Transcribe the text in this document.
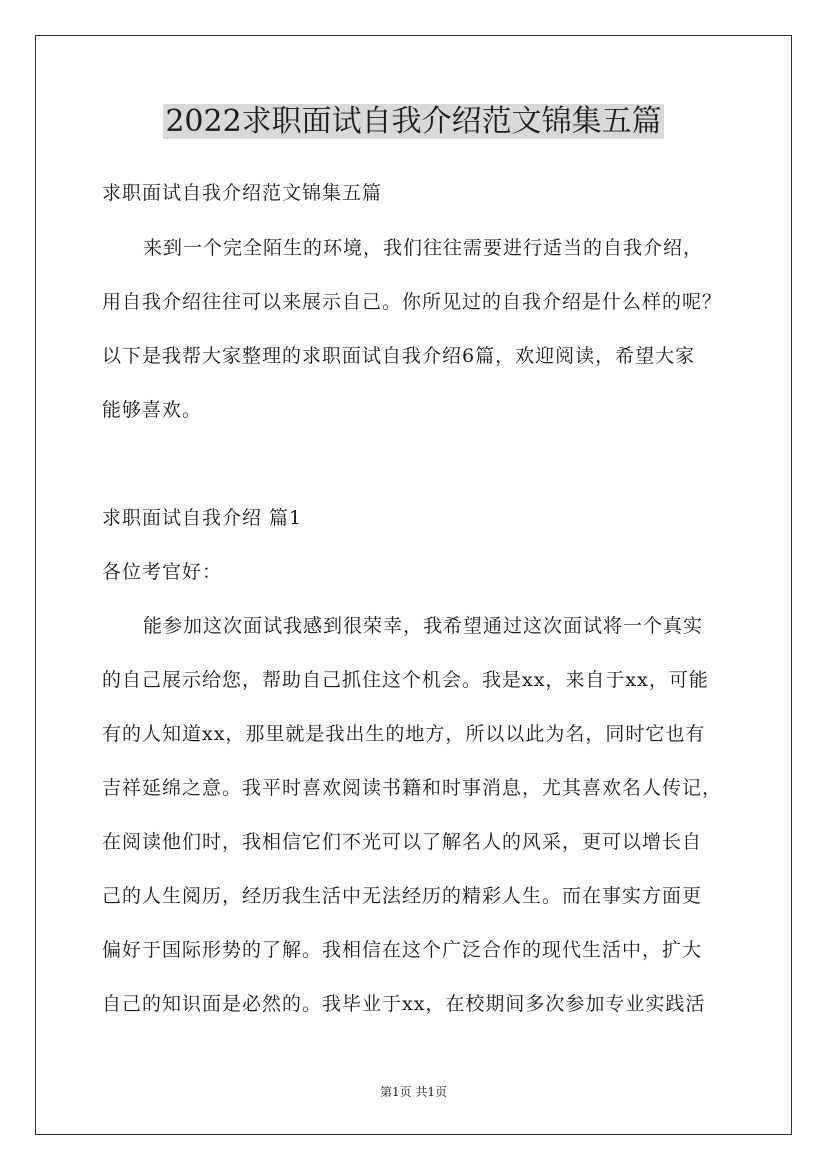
2022求职面试自我介绍范文锦集五篇
求职面试自我介绍范文锦集五篇
来到一个完全陌生的环境，我们往往需要进行适当的自我介绍，
用自我介绍往往可以来展示自己。你所见过的自我介绍是什么样的呢？
以下是我帮大家整理的求职面试自我介绍6篇，欢迎阅读，希望大家
能够喜欢。
求职面试自我介绍 篇1
各位考官好：
能参加这次面试我感到很荣幸，我希望通过这次面试将一个真实
的自己展示给您，帮助自己抓住这个机会。我是xx，来自于xx，可能
有的人知道xx，那里就是我出生的地方，所以以此为名，同时它也有
吉祥延绵之意。我平时喜欢阅读书籍和时事消息，尤其喜欢名人传记，
在阅读他们时，我相信它们不光可以了解名人的风采，更可以增长自
己的人生阅历，经历我生活中无法经历的精彩人生。而在事实方面更
偏好于国际形势的了解。我相信在这个广泛合作的现代生活中，扩大
自己的知识面是必然的。我毕业于xx，在校期间多次参加专业实践活
第1页 共1页
